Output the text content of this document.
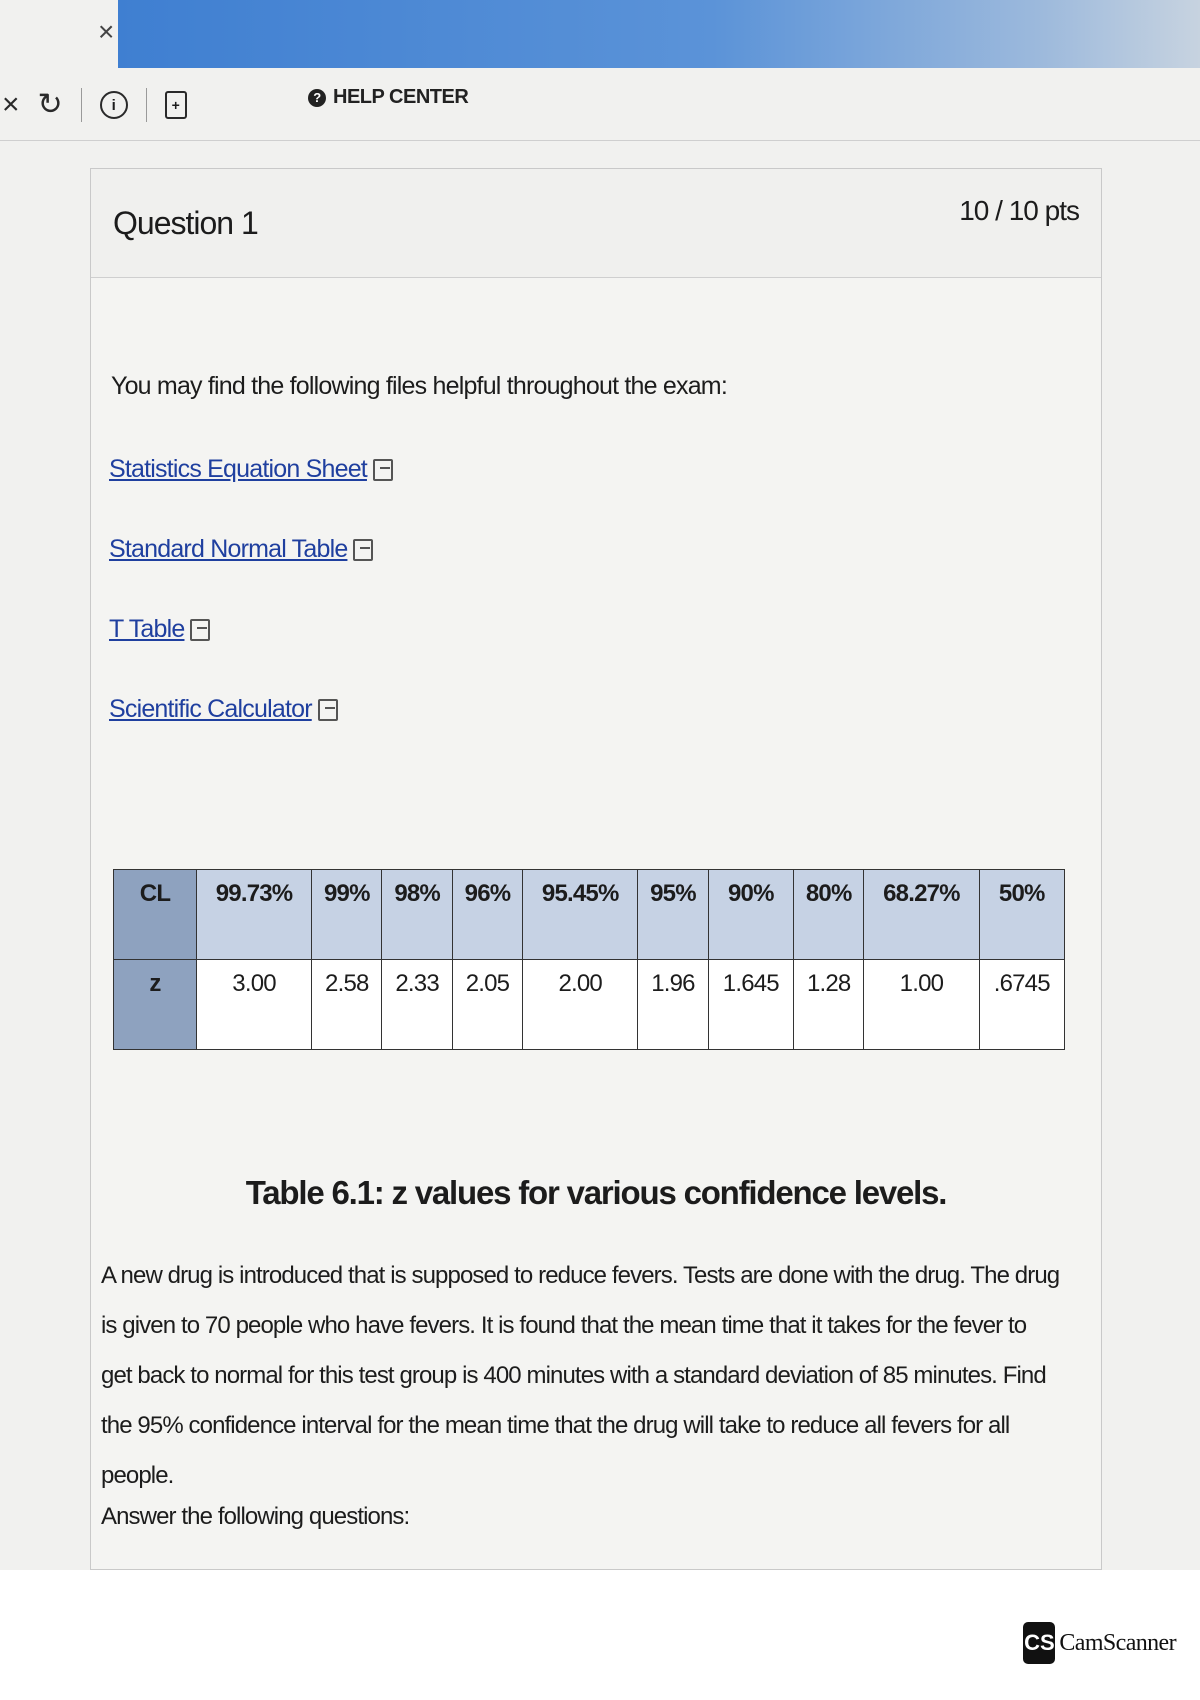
×
× ↻	i	+	? HELP CENTER
Question 1	10 / 10 pts
You may find the following files helpful throughout the exam:
Statistics Equation Sheet
Standard Normal Table
T Table
Scientific Calculator
CL	99.73%	99%	98%	96%	95.45%	95%	90%	80%	68.27%	50%
z	3.00	2.58	2.33	2.05	2.00	1.96	1.645	1.28	1.00	.6745
Table 6.1: z values for various confidence levels.
A new drug is introduced that is supposed to reduce fevers. Tests are done with the drug. The drug is given to 70 people who have fevers. It is found that the mean time that it takes for the fever to get back to normal for this test group is 400 minutes with a standard deviation of 85 minutes. Find the 95% confidence interval for the mean time that the drug will take to reduce all fevers for all people.
Answer the following questions:
CS CamScanner
